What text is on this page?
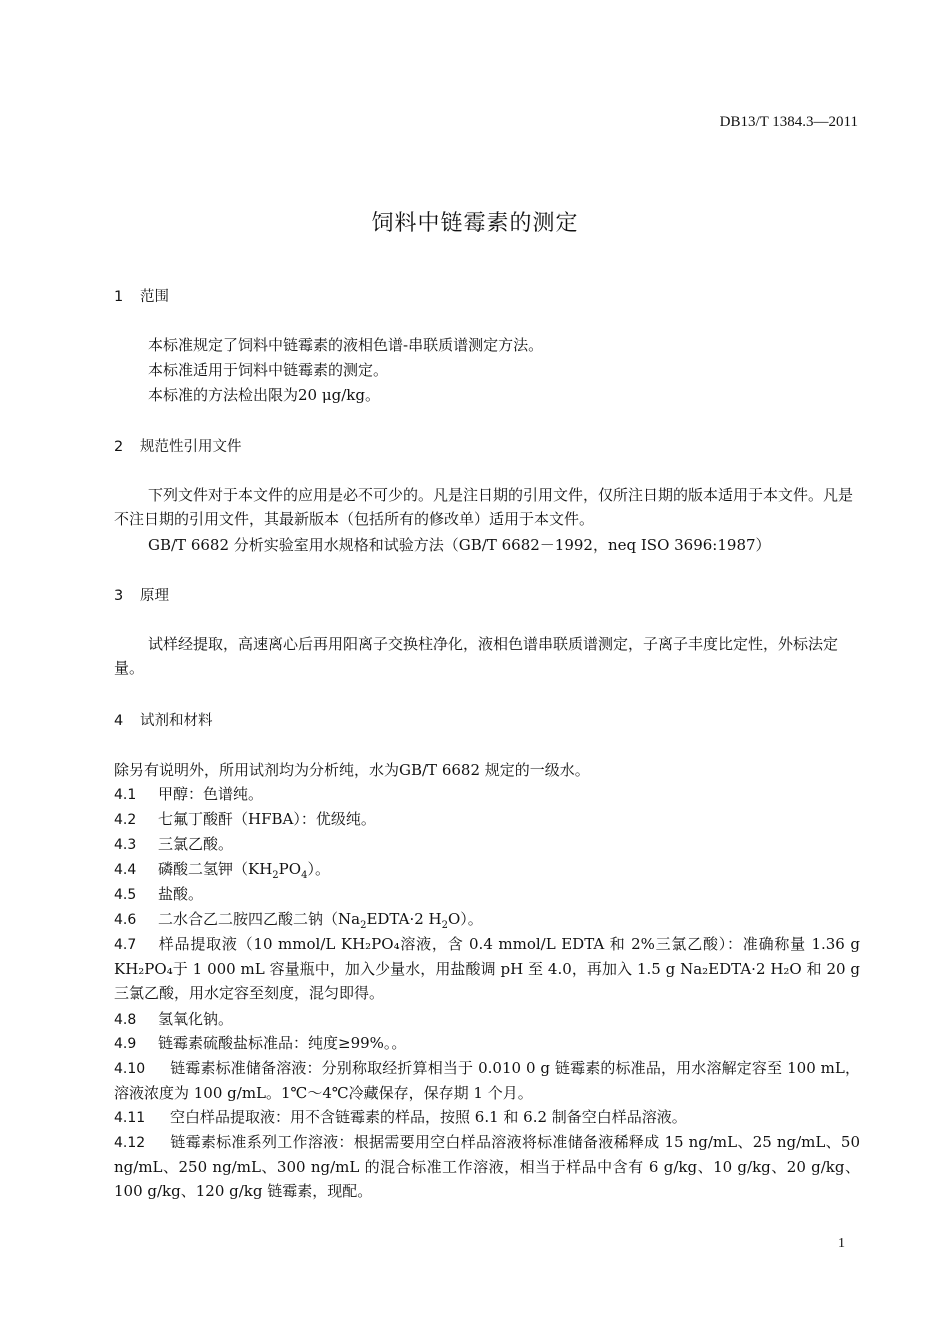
DB13/T 1384.3—2011
饲料中链霉素的测定
1 范围
本标准规定了饲料中链霉素的液相色谱-串联质谱测定方法。
本标准适用于饲料中链霉素的测定。
本标准的方法检出限为20 μg/kg。
2 规范性引用文件
下列文件对于本文件的应用是必不可少的。凡是注日期的引用文件，仅所注日期的版本适用于本文件。凡是不注日期的引用文件，其最新版本（包括所有的修改单）适用于本文件。
GB/T 6682 分析实验室用水规格和试验方法（GB/T 6682－1992，neq ISO 3696:1987）
3 原理
试样经提取，高速离心后再用阳离子交换柱净化，液相色谱串联质谱测定，子离子丰度比定性，外标法定量。
4 试剂和材料
除另有说明外，所用试剂均为分析纯，水为GB/T 6682 规定的一级水。
4.1 甲醇：色谱纯。
4.2 七氟丁酸酐（HFBA）：优级纯。
4.3 三氯乙酸。
4.4 磷酸二氢钾$(KH_2PO_4)$。
4.5 盐酸。
4.6 二水合乙二胺四乙酸二钠（$Na_2EDTA\cdot 2$ $H_2O$）。
4.7 样品提取液（10 mmol/L KH₂PO₄溶液，含 0.4 mmol/L EDTA 和 2%三氯乙酸）：准确称量 1.36 g KH₂PO₄于 1 000 mL 容量瓶中，加入少量水，用盐酸调 pH 至 4.0，再加入 1.5 g Na₂EDTA·2 H₂O 和 20 g 三氯乙酸，用水定容至刻度，混匀即得。
4.8 氢氧化钠。
4.9 链霉素硫酸盐标准品：纯度≥99%。。
4.10 链霉素标准储备溶液：分别称取经折算相当于 0.010 0 g 链霉素的标准品，用水溶解定容至 100 mL，溶液浓度为 100 g/mL。1℃～4℃冷藏保存，保存期 1 个月。
4.11 空白样品提取液：用不含链霉素的样品，按照 6.1 和 6.2 制备空白样品溶液。
4.12 链霉素标准系列工作溶液：根据需要用空白样品溶液将标准储备液稀释成 15 ng/mL、25 ng/mL、50 ng/mL、250 ng/mL、300 ng/mL 的混合标准工作溶液，相当于样品中含有 6 g/kg、10 g/kg、20 g/kg、100 g/kg、120 g/kg 链霉素，现配。
1
